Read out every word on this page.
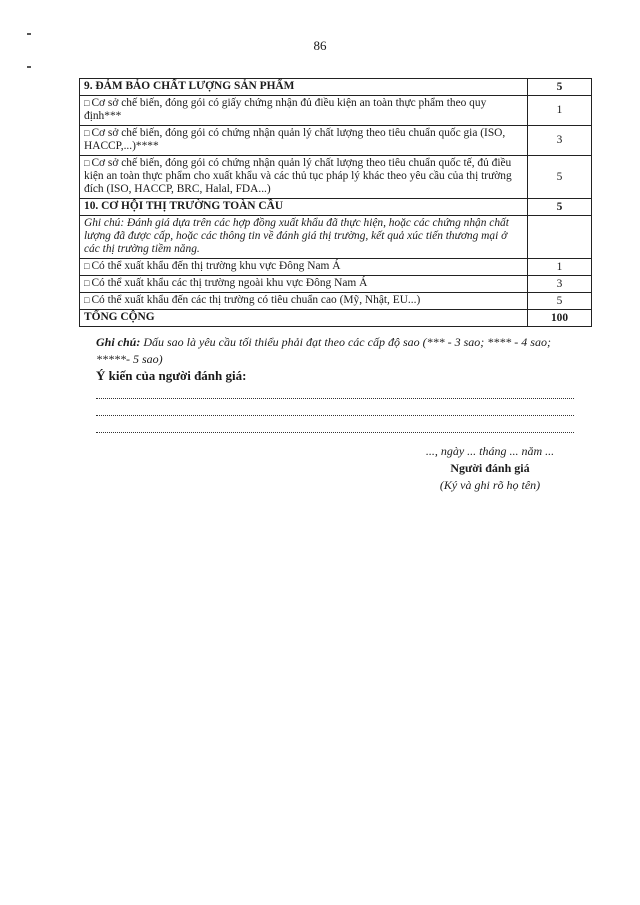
86
9. ĐẢM BẢO CHẤT LƯỢNG SẢN PHẨM	5
□ Cơ sở chế biến, đóng gói có giấy chứng nhận đủ điều kiện an toàn thực phẩm theo quy định***	1
□ Cơ sở chế biến, đóng gói có chứng nhận quản lý chất lượng theo tiêu chuẩn quốc gia (ISO, HACCP,...)****	3
□ Cơ sở chế biến, đóng gói có chứng nhận quản lý chất lượng theo tiêu chuẩn quốc tế, đủ điều kiện an toàn thực phẩm cho xuất khẩu và các thủ tục pháp lý khác theo yêu cầu của thị trường đích (ISO, HACCP, BRC, Halal, FDA...)	5
10. CƠ HỘI THỊ TRƯỜNG TOÀN CẦU	5
Ghi chú: Đánh giá dựa trên các hợp đồng xuất khẩu đã thực hiện, hoặc các chứng nhận chất lượng đã được cấp, hoặc các thông tin về đánh giá thị trường, kết quả xúc tiến thương mại ở các thị trường tiềm năng.	
□ Có thể xuất khẩu đến thị trường khu vực Đông Nam Á	1
□ Có thể xuất khẩu các thị trường ngoài khu vực Đông Nam Á	3
□ Có thể xuất khẩu đến các thị trường có tiêu chuẩn cao (Mỹ, Nhật, EU...)	5
TỔNG CỘNG	100
Ghi chú: Dấu sao là yêu cầu tối thiểu phải đạt theo các cấp độ sao (*** - 3 sao; **** - 4 sao; *****- 5 sao)
Ý kiến của người đánh giá:
..., ngày ... tháng ... năm ...
Người đánh giá
(Ký và ghi rõ họ tên)
